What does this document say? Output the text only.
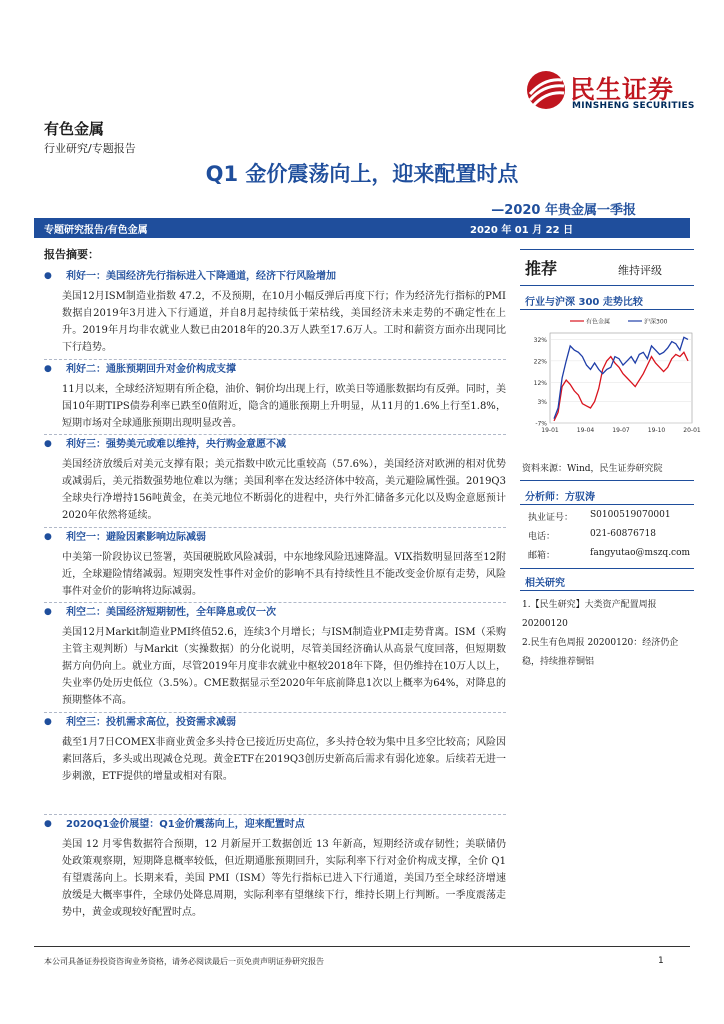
有色金属
行业研究/专题报告
民生证券
MINSHENG SECURITIES
Q1 金价震荡向上，迎来配置时点
—2020 年贵金属一季报
专题研究报告/有色金属	2020 年 01 月 22 日
报告摘要：
● 利好一：美国经济先行指标进入下降通道，经济下行风险增加
美国12月ISM制造业指数 47.2，不及预期，在10月小幅反弹后再度下行；作为经济先行指标的PMI数据自2019年3月进入下行通道，并自8月起持续低于荣枯线，美国经济未来走势的不确定性在上升。2019年月均非农就业人数已由2018年的20.3万人跌至17.6万人。工时和薪资方面亦出现同比下行趋势。
● 利好二：通胀预期回升对金价构成支撑
11月以来，全球经济短期有所企稳，油价、铜价均出现上行，欧美日等通胀数据均有反弹。同时，美国10年期TIPS债券利率已跌至0值附近，隐含的通胀预期上升明显，从11月的1.6%上行至1.8%，短期市场对全球通胀预期出现明显改善。
● 利好三：强势美元或难以维持，央行购金意愿不减
美国经济放缓后对美元支撑有限；美元指数中欧元比重较高（57.6%），美国经济对欧洲的相对优势或减弱后，美元指数强势地位难以为继；美国利率在发达经济体中较高，美元避险属性强。2019Q3全球央行净增持156吨黄金，在美元地位不断弱化的进程中，央行外汇储备多元化以及购金意愿预计2020年依然将延续。
● 利空一：避险因素影响边际减弱
中美第一阶段协议已签署，英国硬脱欧风险减弱，中东地缘风险迅速降温。VIX指数明显回落至12附近，全球避险情绪减弱。短期突发性事件对金价的影响不具有持续性且不能改变金价原有走势，风险事件对金价的影响将边际减弱。
● 利空二：美国经济短期韧性，全年降息或仅一次
美国12月Markit制造业PMI终值52.6，连续3个月增长；与ISM制造业PMI走势背离。ISM（采购主管主观判断）与Markit（实操数据）的分化说明，尽管美国经济确认从高景气度回落，但短期数据方向仍向上。就业方面，尽管2019年月度非农就业中枢较2018年下降，但仍维持在10万人以上，失业率仍处历史低位（3.5%）。CME数据显示至2020年年底前降息1次以上概率为64%，对降息的预期整体不高。
● 利空三：投机需求高位，投资需求减弱
截至1月7日COMEX非商业黄金多头持仓已接近历史高位，多头持仓较为集中且多空比较高；风险因素回落后，多头或出现减仓兑现。黄金ETF在2019Q3创历史新高后需求有弱化迹象。后续若无进一步刺激，ETF提供的增量或相对有限。
● 2020Q1金价展望：Q1金价震荡向上，迎来配置时点
美国 12 月零售数据符合预期，12 月新屋开工数据创近 13 年新高，短期经济或存韧性；美联储仍处政策观察期，短期降息概率较低，但近期通胀预期回升，实际利率下行对金价构成支撑，全价 Q1 有望震荡向上。长期来看，美国 PMI（ISM）等先行指标已进入下行通道，美国乃至全球经济增速放缓是大概率事件，全球仍处降息周期，实际利率有望继续下行，维持长期上行判断。一季度震荡走势中，黄金或现较好配置时点。
推荐	维持评级
行业与沪深 300 走势比较
32%
22%
12%
3%
-7%
19-01	19-04	19-07	19-10	20-01
有色金属	沪深300
资料来源：Wind，民生证券研究院
分析师：方驭涛
执业证号： S0100519070001
电话：	021-60876718
邮箱：	fangyutao@mszq.com
相关研究
1.【民生研究】大类资产配置周报 20200120
2.民生有色周报 20200120：经济仍企稳，持续推荐铜铝
本公司具备证券投资咨询业务资格，请务必阅读最后一页免责声明证券研究报告	1
